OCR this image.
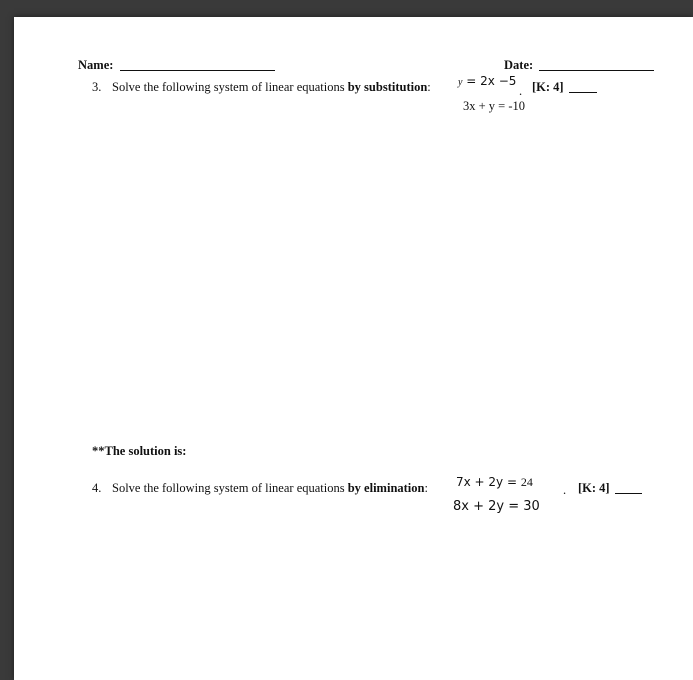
Name:	Date:
3. Solve the following system of linear equations by substitution:	y = 2x −5
. [K: 4]
3x + y = -10
**The solution is:
4. Solve the following system of linear equations by elimination: 7x + 2y = 24
8x + 2y = 30
. [K: 4]
